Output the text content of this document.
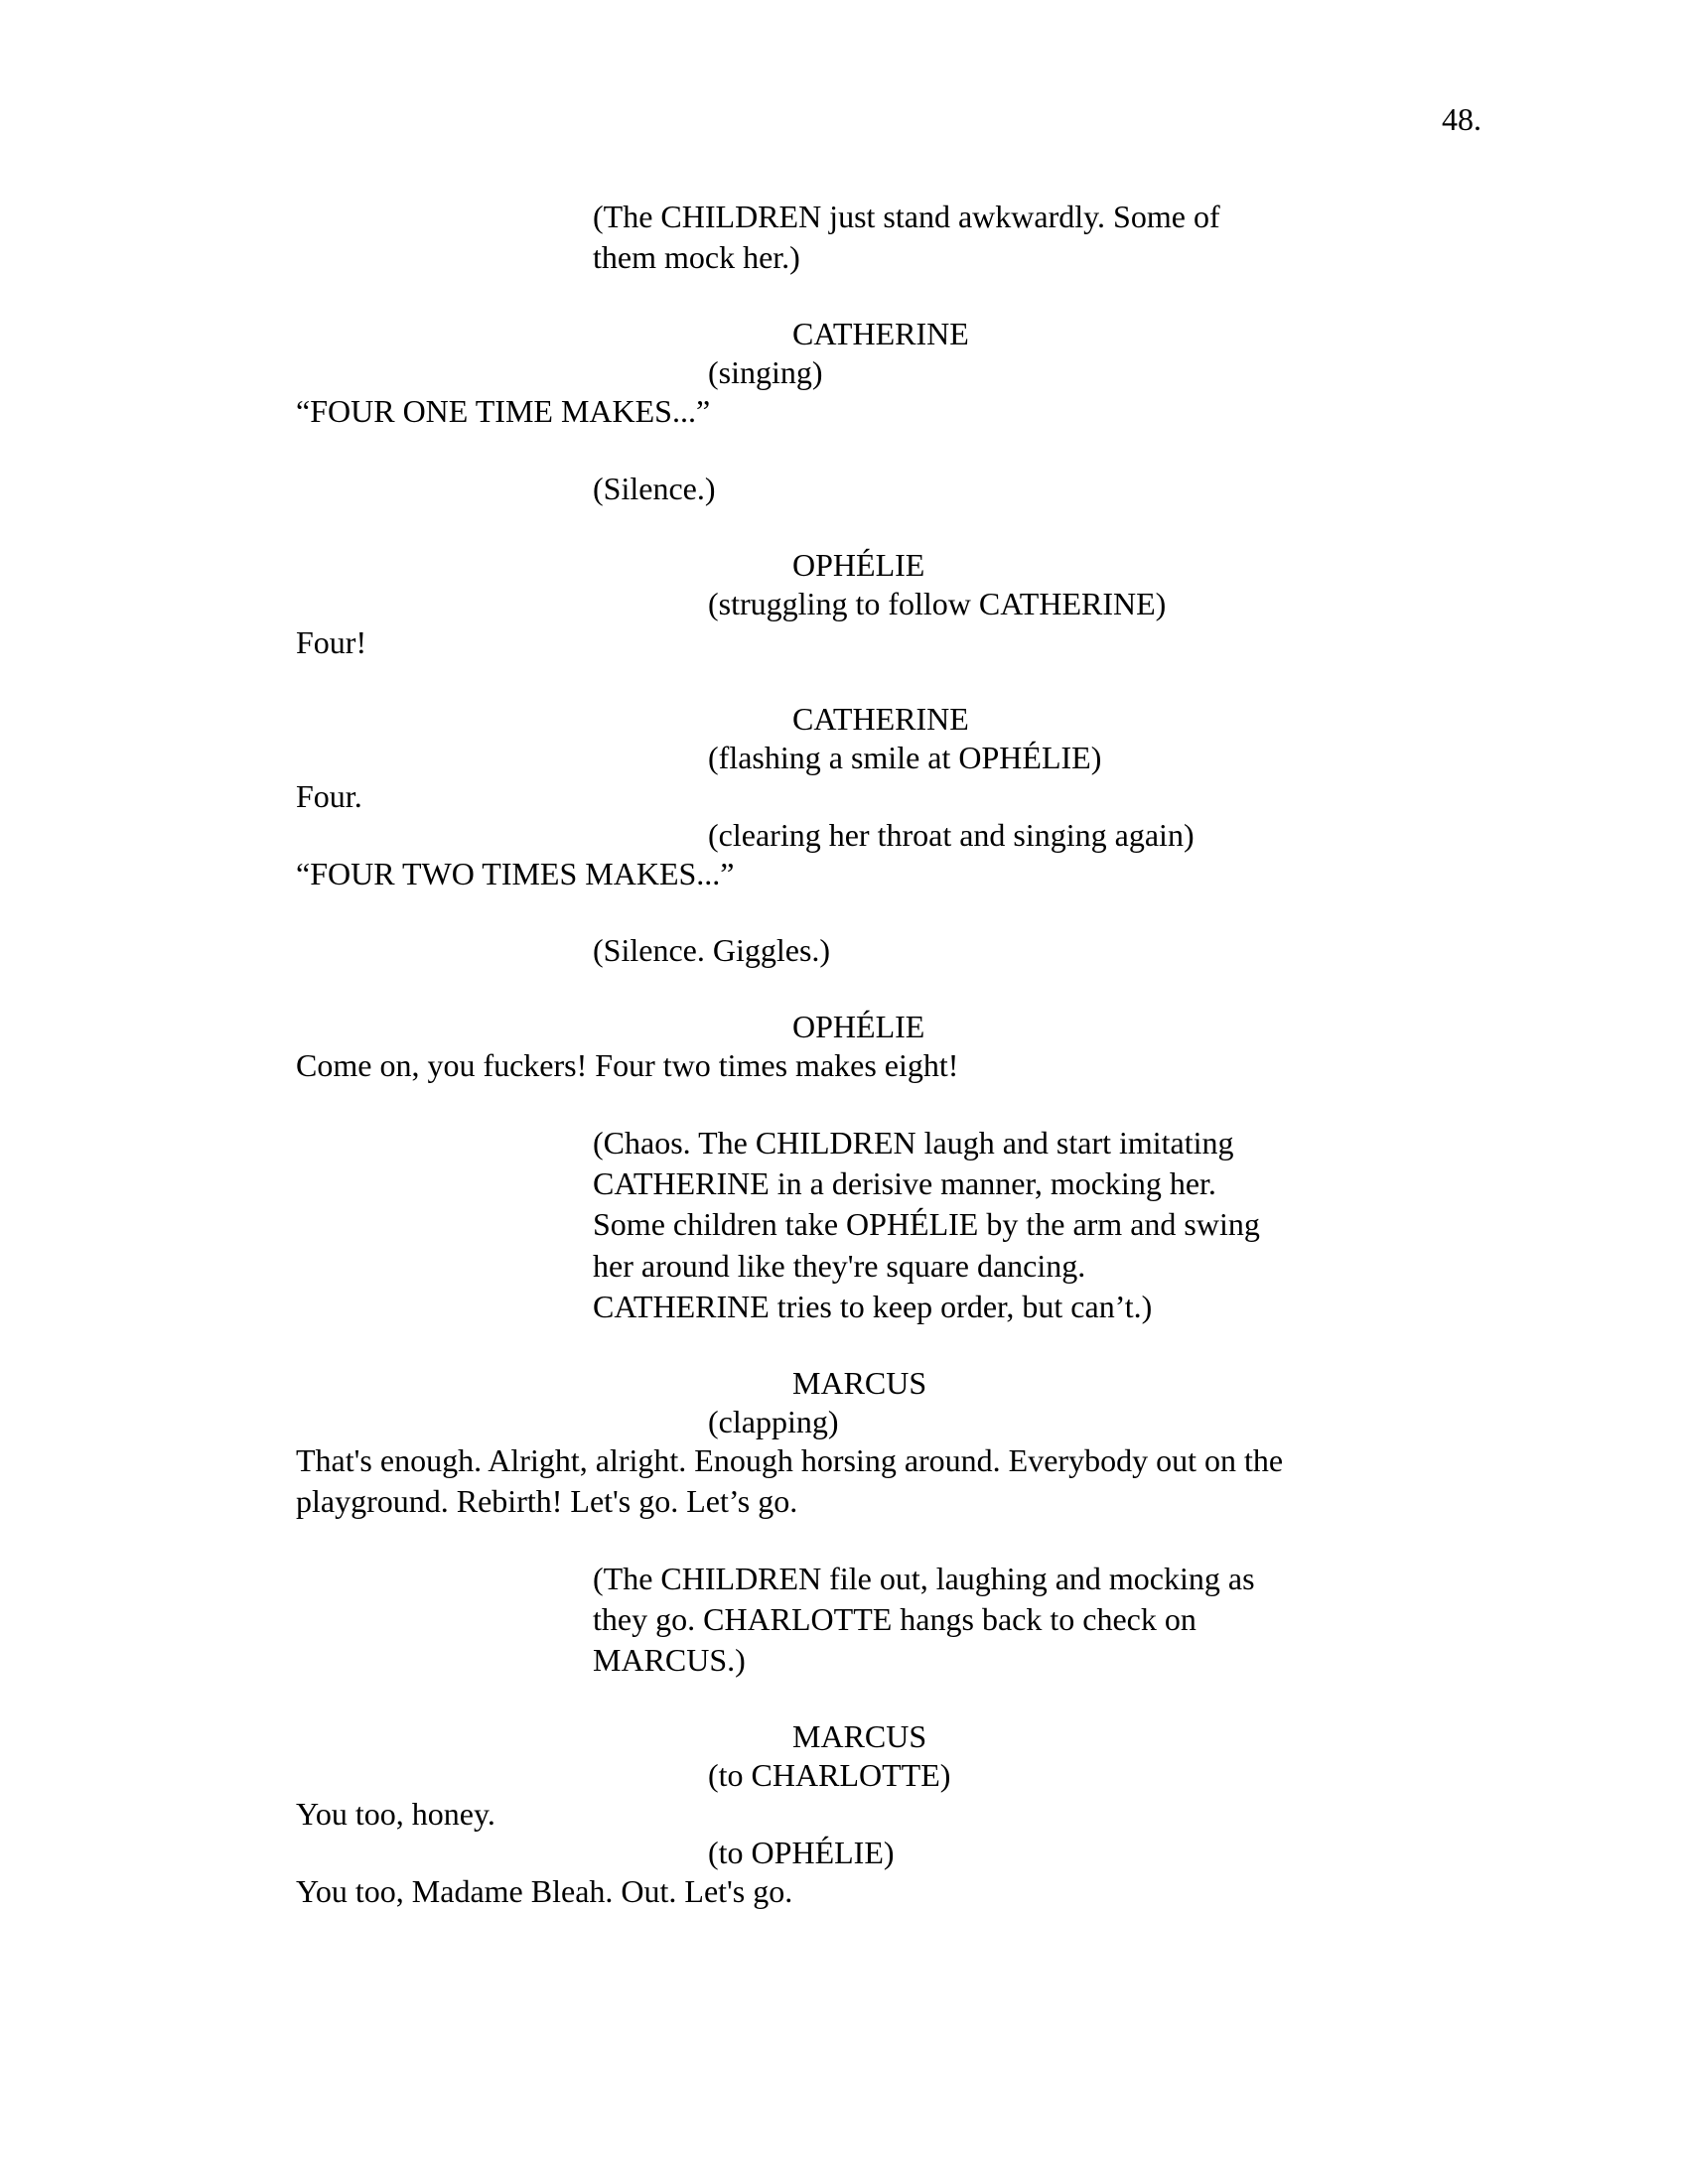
48.
(The CHILDREN just stand awkwardly. Some of
them mock her.)
CATHERINE
(singing)
“FOUR ONE TIME MAKES...”
(Silence.)
OPHÉLIE
(struggling to follow CATHERINE)
Four!
CATHERINE
(flashing a smile at OPHÉLIE)
Four.
(clearing her throat and singing again)
“FOUR TWO TIMES MAKES...”
(Silence. Giggles.)
OPHÉLIE
Come on, you fuckers! Four two times makes eight!
(Chaos. The CHILDREN laugh and start imitating
CATHERINE in a derisive manner, mocking her.
Some children take OPHÉLIE by the arm and swing
her around like they're square dancing.
CATHERINE tries to keep order, but can’t.)
MARCUS
(clapping)
That's enough. Alright, alright. Enough horsing around. Everybody out on the
playground. Rebirth! Let's go. Let’s go.
(The CHILDREN file out, laughing and mocking as
they go. CHARLOTTE hangs back to check on
MARCUS.)
MARCUS
(to CHARLOTTE)
You too, honey.
(to OPHÉLIE)
You too, Madame Bleah. Out. Let's go.
